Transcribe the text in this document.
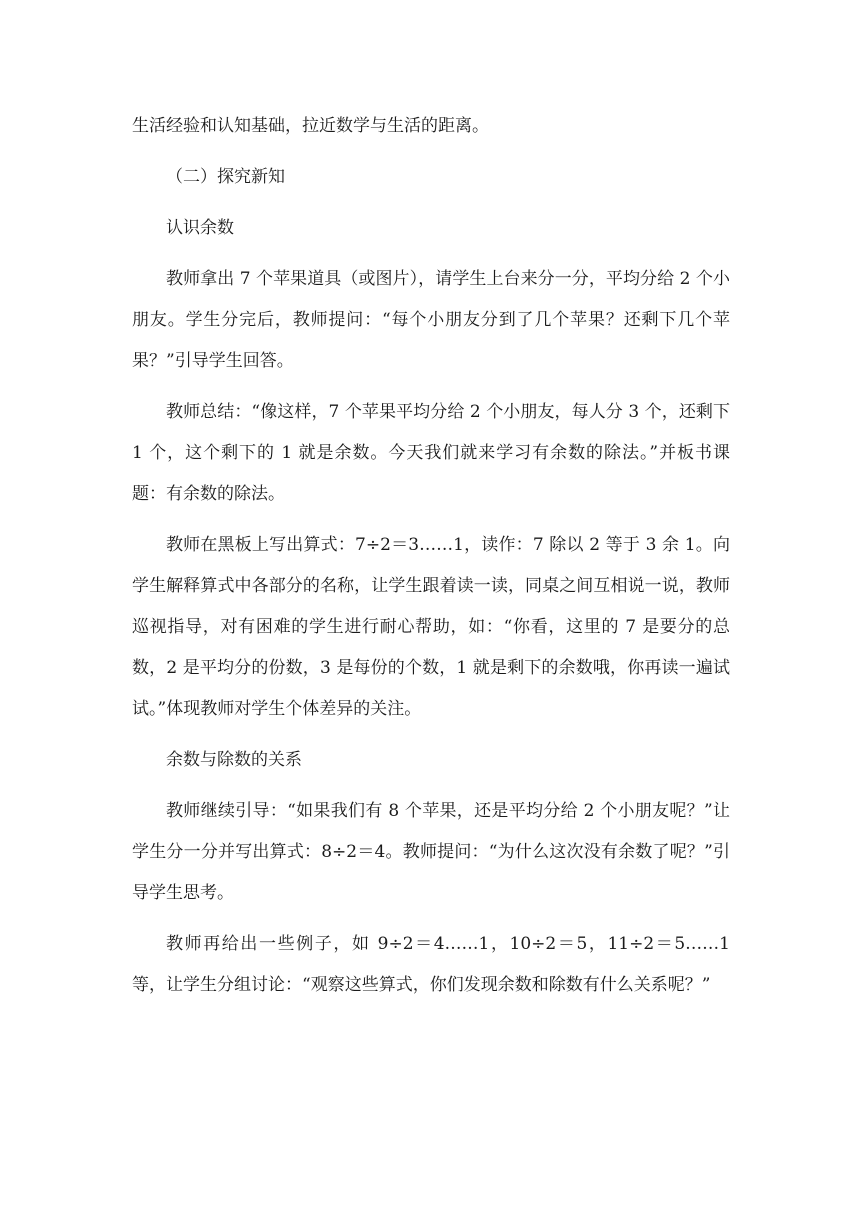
生活经验和认知基础，拉近数学与生活的距离。

（二）探究新知

认识余数

教师拿出 7 个苹果道具（或图片），请学生上台来分一分，平均分给 2 个小朋友。学生分完后，教师提问：“每个小朋友分到了几个苹果？还剩下几个苹果？”引导学生回答。

教师总结：“像这样，7 个苹果平均分给 2 个小朋友，每人分 3 个，还剩下 1 个，这个剩下的 1 就是余数。今天我们就来学习有余数的除法。”并板书课题：有余数的除法。

教师在黑板上写出算式：7÷2＝3……1，读作：7 除以 2 等于 3 余 1。向学生解释算式中各部分的名称，让学生跟着读一读，同桌之间互相说一说，教师巡视指导，对有困难的学生进行耐心帮助，如：“你看，这里的 7 是要分的总数，2 是平均分的份数，3 是每份的个数，1 就是剩下的余数哦，你再读一遍试试。”体现教师对学生个体差异的关注。

余数与除数的关系

教师继续引导：“如果我们有 8 个苹果，还是平均分给 2 个小朋友呢？”让学生分一分并写出算式：8÷2＝4。教师提问：“为什么这次没有余数了呢？”引导学生思考。

教师再给出一些例子，如 9÷2＝4……1，10÷2＝5，11÷2＝5……1 等，让学生分组讨论：“观察这些算式，你们发现余数和除数有什么关系呢？”
